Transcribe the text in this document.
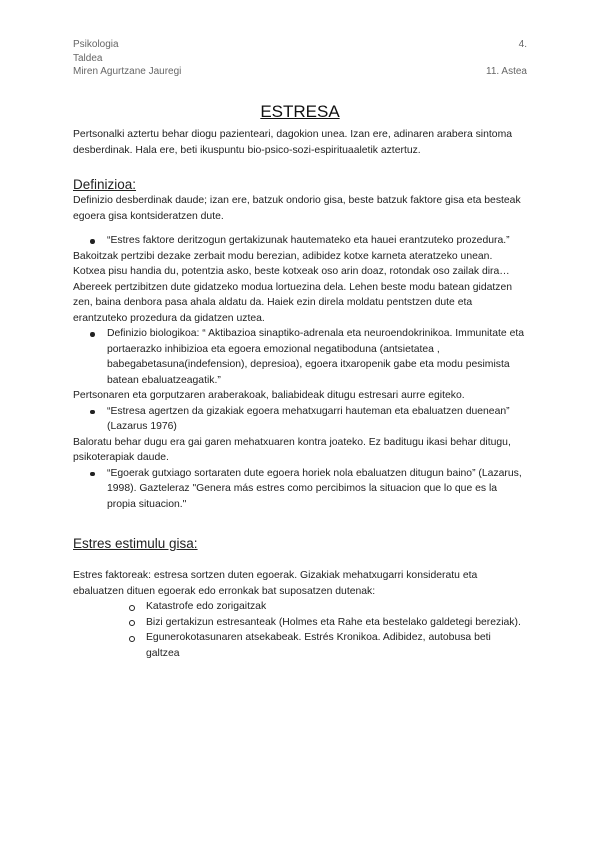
Psikologia	4.
Taldea
Miren Agurtzane Jauregi	11. Astea
ESTRESA

Pertsonalki aztertu behar diogu pazienteari, dagokion unea. Izan ere, adinaren arabera sintoma desberdinak. Hala ere, beti ikuspuntu bio-psico-sozi-espirituaaletik aztertuz.

Definizioa:

Definizio desberdinak daude; izan ere, batzuk ondorio gisa, beste batzuk faktore gisa eta besteak egoera gisa kontsideratzen dute.

“Estres faktore deritzogun gertakizunak hautemateko eta hauei erantzuteko prozedura.”

Bakoitzak pertzibi dezake zerbait modu berezian, adibidez kotxe karneta ateratzeko unean. Kotxea pisu handia du, potentzia asko, beste kotxeak oso arin doaz, rotondak oso zailak dira…

Abereek pertzibitzen dute gidatzeko modua lortuezina dela. Lehen beste modu batean gidatzen zen, baina denbora pasa ahala aldatu da. Haiek ezin direla moldatu pentstzen dute eta erantzuteko prozedura da gidatzen uztea.

Definizio biologikoa: “ Aktibazioa sinaptiko-adrenala eta neuroendokrinikoa. Immunitate eta portaerazko inhibizioa eta egoera emozional negatiboduna (antsietatea , babegabetasuna(indefension), depresioa), egoera itxaropenik gabe eta modu pesimista batean ebaluatzeagatik.”

Pertsonaren eta gorputzaren araberakoak, baliabideak ditugu estresari aurre egiteko.

“Estresa agertzen da gizakiak egoera mehatxugarri hauteman eta ebaluatzen duenean” (Lazarus 1976)

Baloratu behar dugu era gai garen mehatxuaren kontra joateko. Ez baditugu ikasi behar ditugu, psikoterapiak daude.

“Egoerak gutxiago sortaraten dute egoera horiek nola ebaluatzen ditugun baino” (Lazarus, 1998). Gazteleraz "Genera más estres como percibimos la situacion que lo que es la propia situacion."
Estres estimulu gisa:

Estres faktoreak: estresa sortzen duten egoerak. Gizakiak mehatxugarri konsideratu eta ebaluatzen dituen egoerak edo erronkak bat suposatzen dutenak:

Katastrofe edo zorigaitzak
Bizi gertakizun estresanteak (Holmes eta Rahe eta bestelako galdetegi bereziak).
Egunerokotasunaren atsekabeak. Estrés Kronikoa. Adibidez, autobusa beti galtzea
